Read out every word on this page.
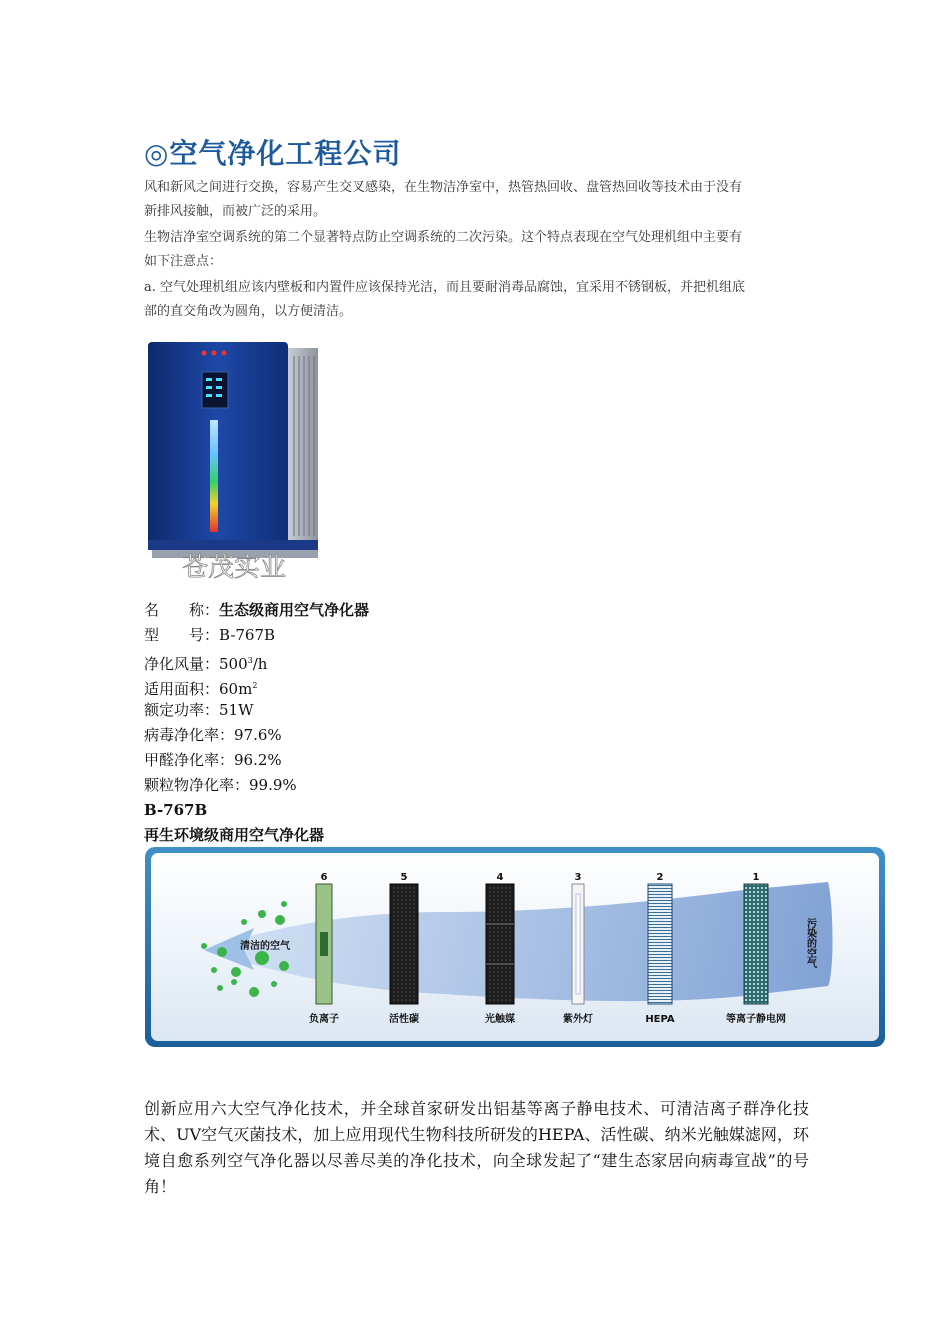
◎空气净化工程公司
风和新风之间进行交换，容易产生交叉感染，在生物洁净室中，热管热回收、盘管热回收等技术由于没有
新排风接触，而被广泛的采用。
生物洁净室空调系统的第二个显著特点防止空调系统的二次污染。这个特点表现在空气处理机组中主要有
如下注意点：
a. 空气处理机组应该内壁板和内置件应该保持光洁，而且要耐消毒品腐蚀，宜采用不锈钢板，并把机组底
部的直交角改为圆角，以方便清洁。
苍茂实业
名　　称：生态级商用空气净化器
型　　号：B-767B
净化风量：$500^3/h$
适用面积：$60m^2$
额定功率：51W
病毒净化率：97.6%
甲醛净化率：96.2%
颗粒物净化率：99.9%
B-767B
再生环境级商用空气净化器
清洁的空气	污染的空气
6
负离子
5
活性碳
4
光触媒
3
紫外灯
2
HEPA
1
等离子静电网
创新应用六大空气净化技术，并全球首家研发出铝基等离子静电技术、可清洁离子群净化技术、UV空气灭菌技术，加上应用现代生物科技所研发的HEPA、活性碳、纳米光触媒滤网，环境自愈系列空气净化器以尽善尽美的净化技术，向全球发起了“建生态家居向病毒宣战”的号角！
